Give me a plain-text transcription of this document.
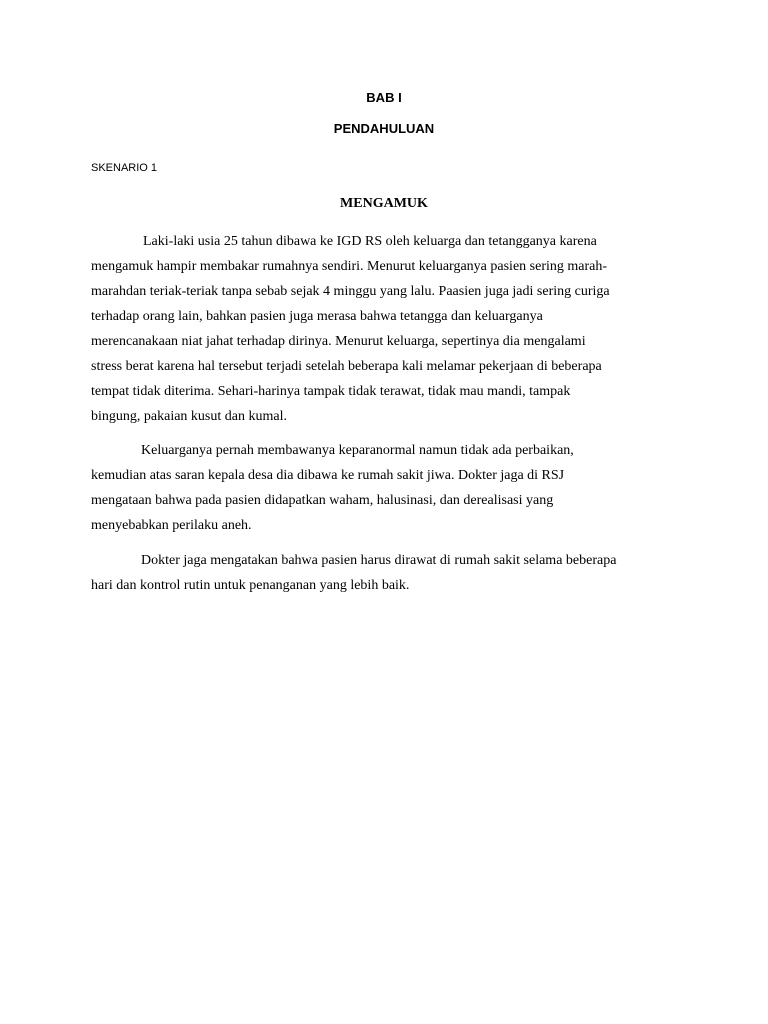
BAB I
PENDAHULUAN

SKENARIO 1

MENGAMUK
Laki-laki usia 25 tahun dibawa ke IGD RS oleh keluarga dan tetangganya karena
mengamuk hampir membakar rumahnya sendiri. Menurut keluarganya pasien sering marah-
marahdan teriak-teriak tanpa sebab sejak 4 minggu yang lalu. Paasien juga jadi sering curiga
terhadap orang lain, bahkan pasien juga merasa bahwa tetangga dan keluarganya
merencanakaan niat jahat terhadap dirinya. Menurut keluarga, sepertinya dia mengalami
stress berat karena hal tersebut terjadi setelah beberapa kali melamar pekerjaan di beberapa
tempat tidak diterima. Sehari-harinya tampak tidak terawat, tidak mau mandi, tampak
bingung, pakaian kusut dan kumal.
Keluarganya pernah membawanya keparanormal namun tidak ada perbaikan,
kemudian atas saran kepala desa dia dibawa ke rumah sakit jiwa. Dokter jaga di RSJ
mengataan bahwa pada pasien didapatkan waham, halusinasi, dan derealisasi yang
menyebabkan perilaku aneh.
Dokter jaga mengatakan bahwa pasien harus dirawat di rumah sakit selama beberapa
hari dan kontrol rutin untuk penanganan yang lebih baik.
